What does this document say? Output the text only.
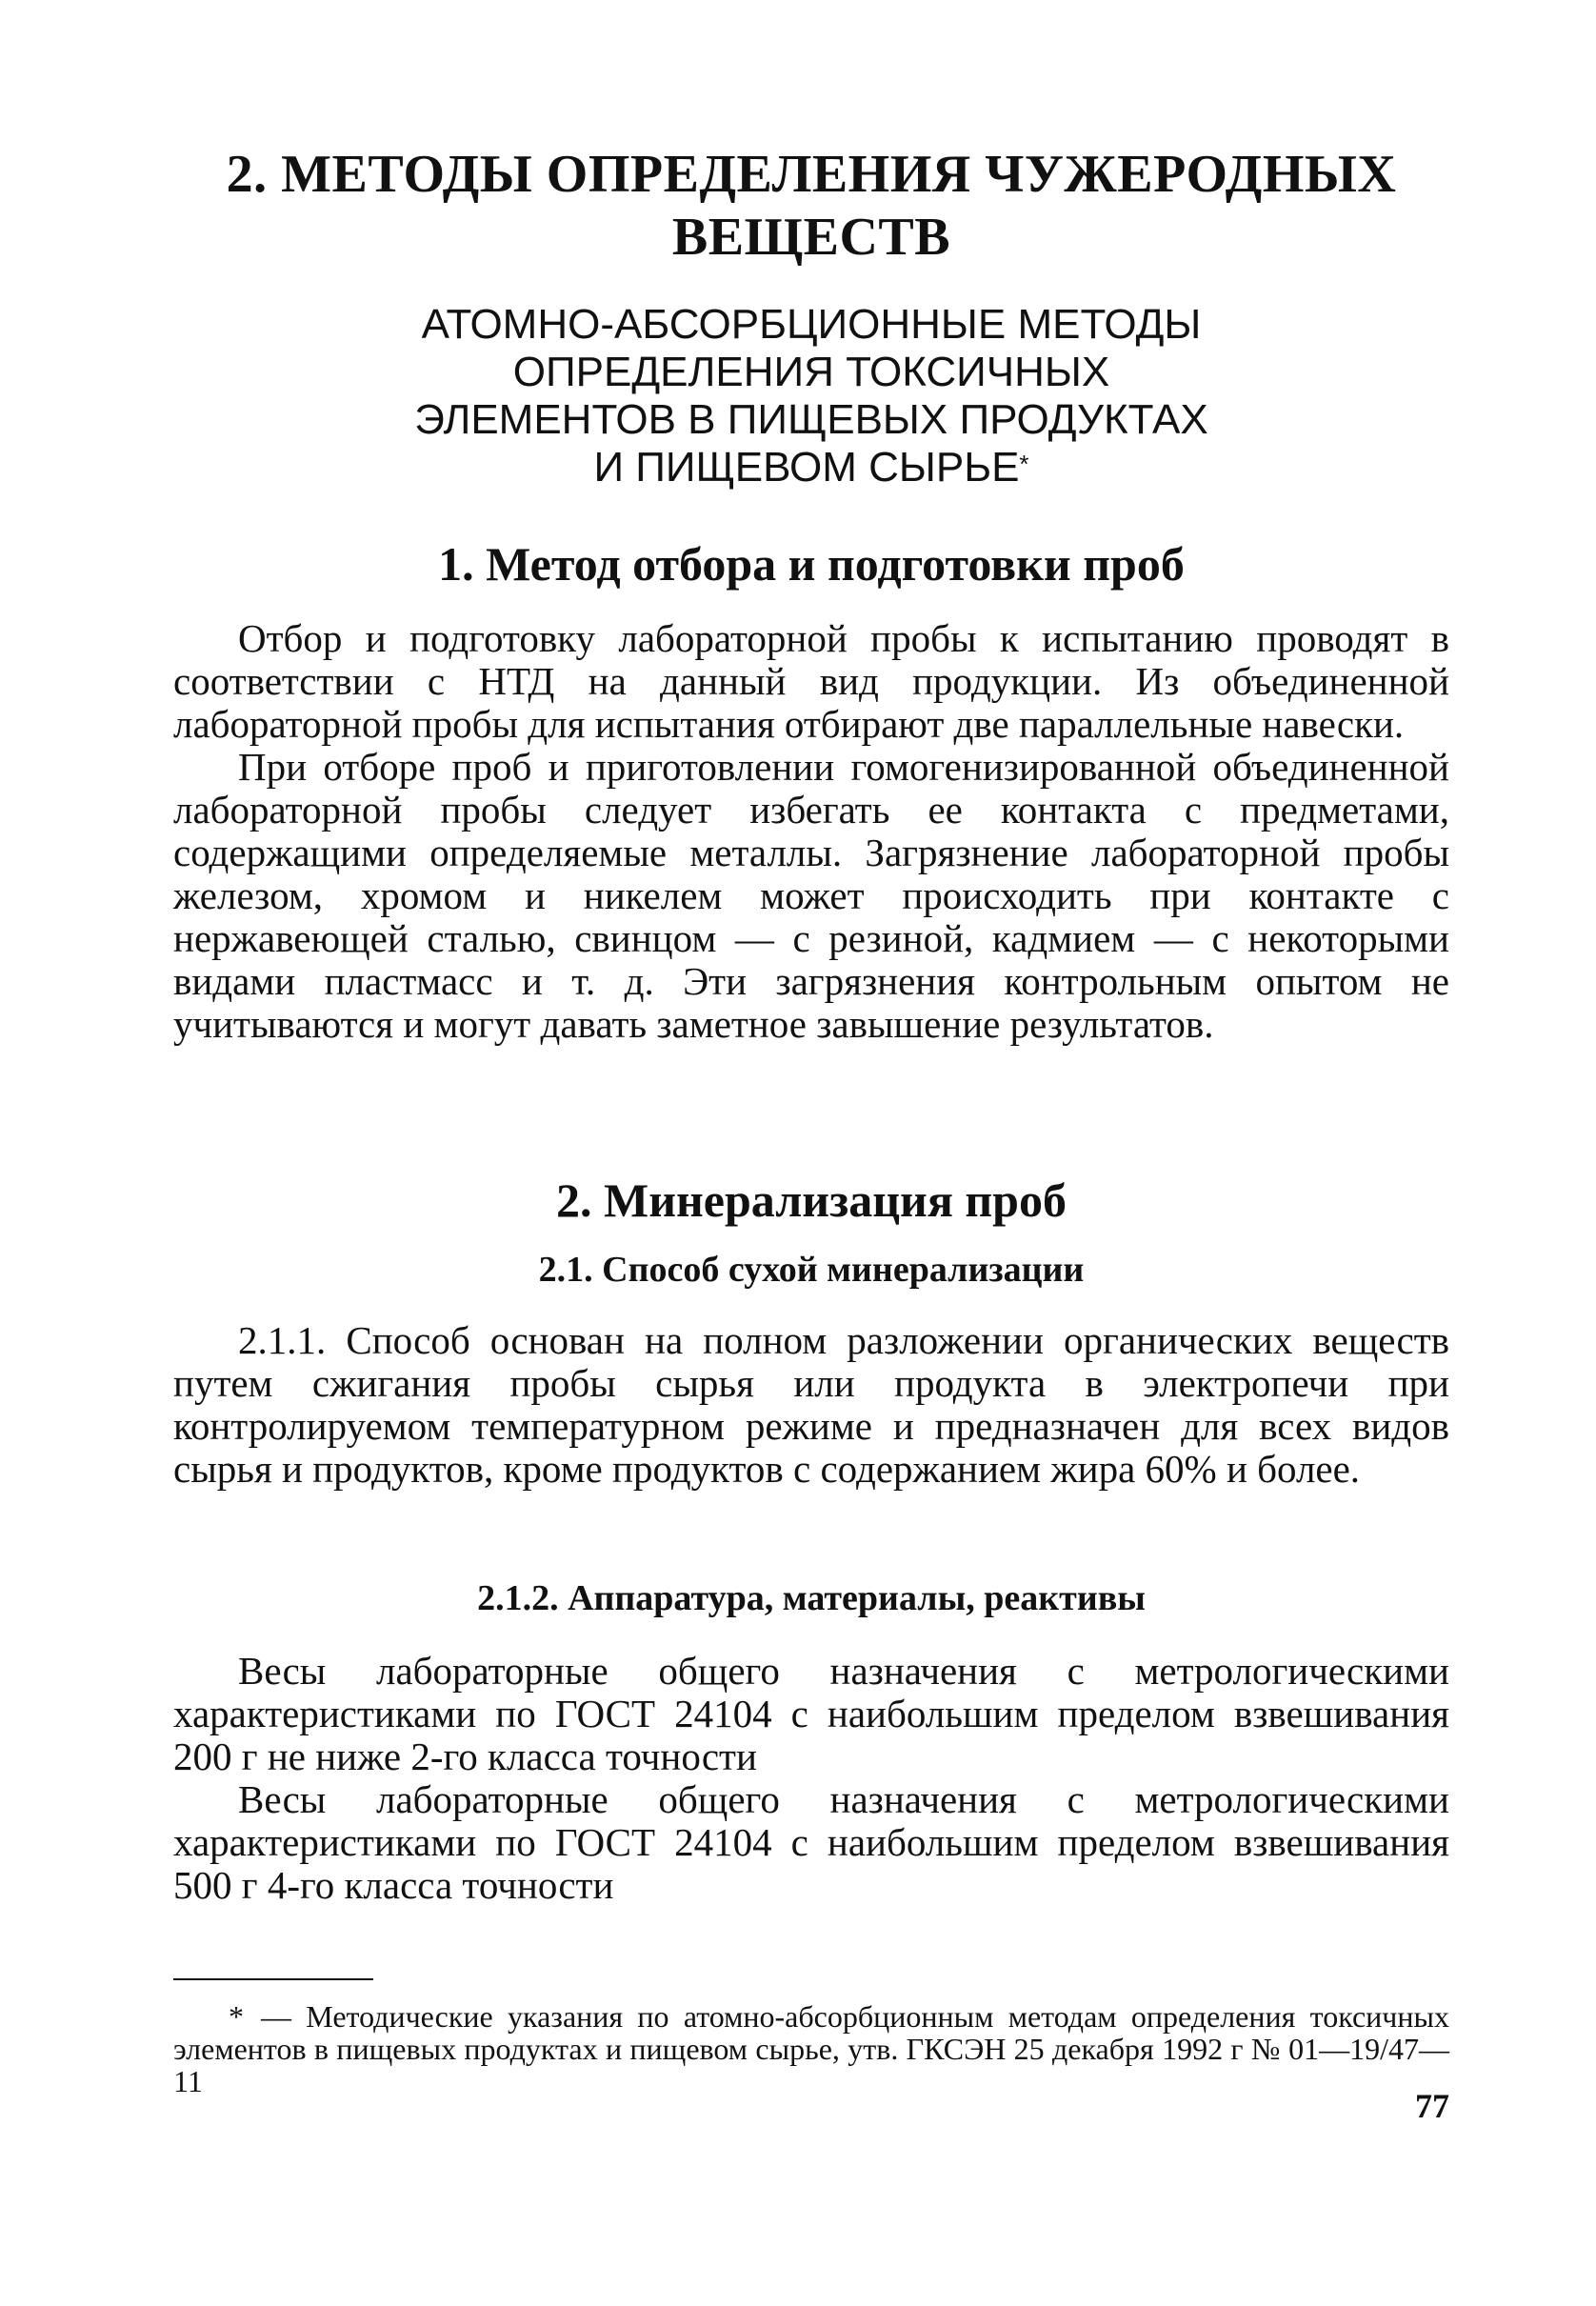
2. МЕТОДЫ ОПРЕДЕЛЕНИЯ ЧУЖЕРОДНЫХ
ВЕЩЕСТВ
АТОМНО-АБСОРБЦИОННЫЕ МЕТОДЫ
ОПРЕДЕЛЕНИЯ ТОКСИЧНЫХ
ЭЛЕМЕНТОВ В ПИЩЕВЫХ ПРОДУКТАХ
И ПИЩЕВОМ СЫРЬЕ*
1. Метод отбора и подготовки проб

Отбор и подготовку лабораторной пробы к испытанию проводят в соответствии с НТД на данный вид продукции. Из объединенной лабораторной пробы для испытания отбирают две параллельные навески.

При отборе проб и приготовлении гомогенизированной объединенной лабораторной пробы следует избегать ее контакта с предметами, содержащими определяемые металлы. Загрязнение лабораторной пробы железом, хромом и никелем может происходить при контакте с нержавеющей сталью, свинцом — с резиной, кадмием — с некоторыми видами пластмасс и т. д. Эти загрязнения контрольным опытом не учитываются и могут давать заметное завышение результатов.

2. Минерализация проб
2.1. Способ сухой минерализации

2.1.1. Способ основан на полном разложении органических веществ путем сжигания пробы сырья или продукта в электропечи при контролируемом температурном режиме и предназначен для всех видов сырья и продуктов, кроме продуктов с содержанием жира 60% и более.

2.1.2. Аппаратура, материалы, реактивы

Весы лабораторные общего назначения с метрологическими характеристиками по ГОСТ 24104 с наибольшим пределом взвешивания 200 г не ниже 2-го класса точности

Весы лабораторные общего назначения с метрологическими характеристиками по ГОСТ 24104 с наибольшим пределом взвешивания 500 г 4-го класса точности

* — Методические указания по атомно-абсорбционным методам определения токсичных элементов в пищевых продуктах и пищевом сырье, утв. ГКСЭН 25 декабря 1992 г № 01—19/47—11

77
